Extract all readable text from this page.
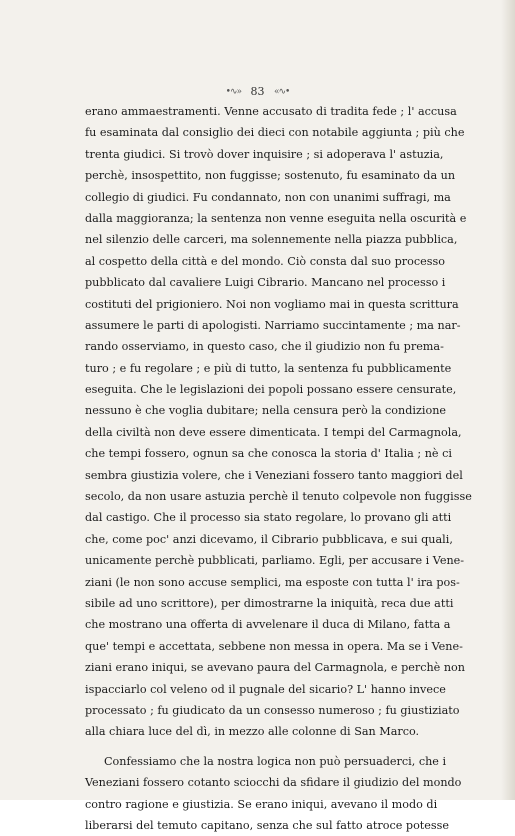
•∿» 83 «∿•
erano ammaestramenti. Venne accusato di tradita fede ; l' accusa
fu esaminata dal consiglio dei dieci con notabile aggiunta ; più che
trenta giudici. Si trovò dover inquisire ; si adoperava l' astuzia,
perchè, insospettito, non fuggisse; sostenuto, fu esaminato da un
collegio di giudici. Fu condannato, non con unanimi suffragi, ma
dalla maggioranza; la sentenza non venne eseguita nella oscurità e
nel silenzio delle carceri, ma solennemente nella piazza pubblica,
al cospetto della città e del mondo. Ciò consta dal suo processo
pubblicato dal cavaliere Luigi Cibrario. Mancano nel processo i
costituti del prigioniero. Noi non vogliamo mai in questa scrittura
assumere le parti di apologisti. Narriamo succintamente ; ma nar-
rando osserviamo, in questo caso, che il giudizio non fu prema-
turo ; e fu regolare ; e più di tutto, la sentenza fu pubblicamente
eseguita. Che le legislazioni dei popoli possano essere censurate,
nessuno è che voglia dubitare; nella censura però la condizione
della civiltà non deve essere dimenticata. I tempi del Carmagnola,
che tempi fossero, ognun sa che conosca la storia d' Italia ; nè ci
sembra giustizia volere, che i Veneziani fossero tanto maggiori del
secolo, da non usare astuzia perchè il tenuto colpevole non fuggisse
dal castigo. Che il processo sia stato regolare, lo provano gli atti
che, come poc' anzi dicevamo, il Cibrario pubblicava, e sui quali,
unicamente perchè pubblicati, parliamo. Egli, per accusare i Vene-
ziani (le non sono accuse semplici, ma esposte con tutta l' ira pos-
sibile ad uno scrittore), per dimostrarne la iniquità, reca due atti
che mostrano una offerta di avvelenare il duca di Milano, fatta a
que' tempi e accettata, sebbene non messa in opera. Ma se i Vene-
ziani erano iniqui, se avevano paura del Carmagnola, e perchè non
ispacciarlo col veleno od il pugnale del sicario? L' hanno invece
processato ; fu giudicato da un consesso numeroso ; fu giustiziato
alla chiara luce del dì, in mezzo alle colonne di San Marco.
Confessiamo che la nostra logica non può persuaderci, che i
Veneziani fossero cotanto sciocchi da sfidare il giudizio del mondo
contro ragione e giustizia. Se erano iniqui, avevano il modo di
liberarsi del temuto capitano, senza che sul fatto atroce potesse
